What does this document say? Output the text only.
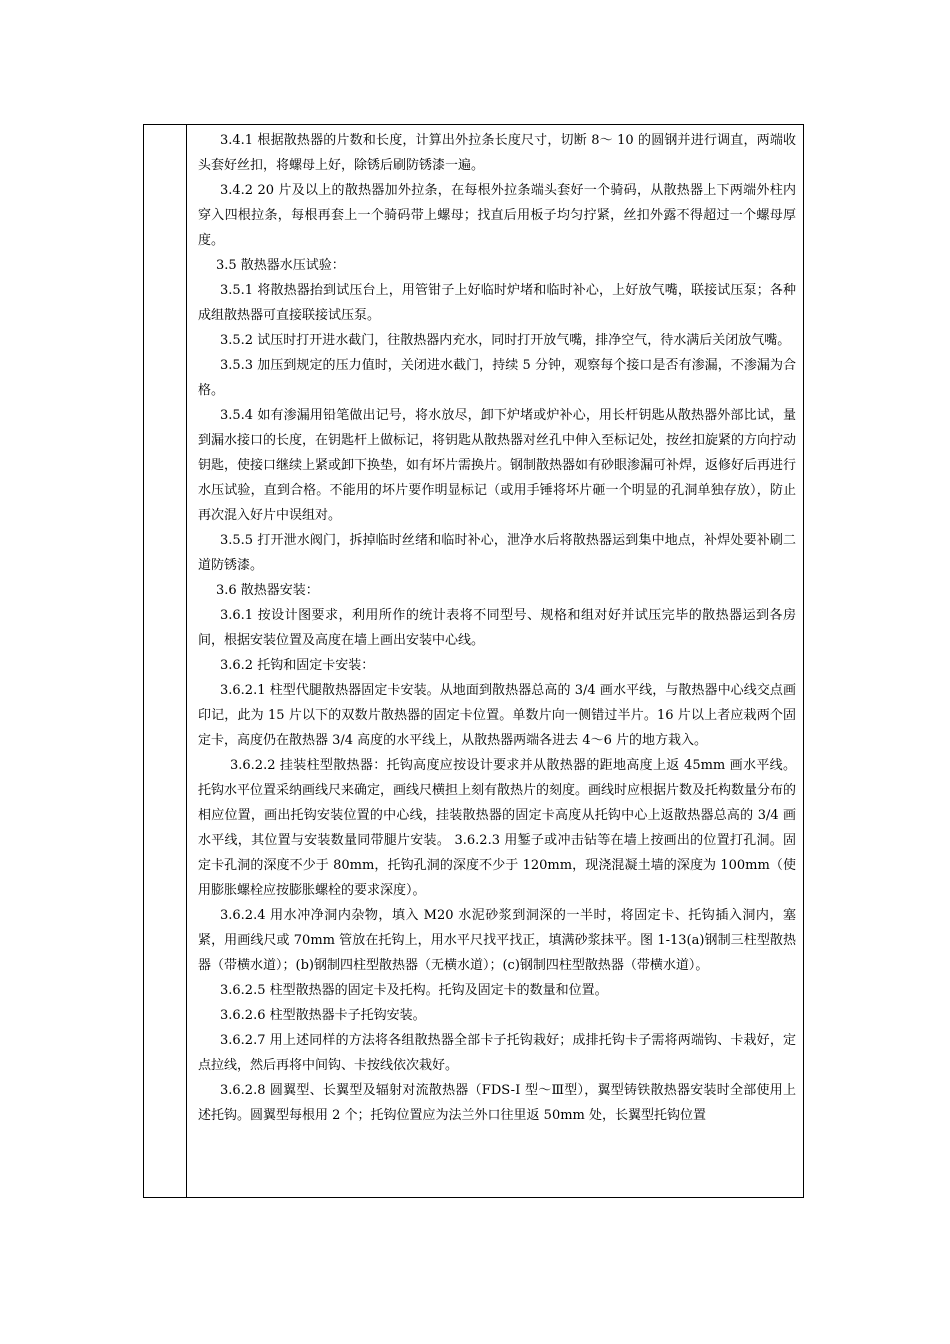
3.4.1 根据散热器的片数和长度，计算出外拉条长度尺寸，切断 8～ 10 的圆钢并进行调直，两端收头套好丝扣，将螺母上好，除锈后刷防锈漆一遍。

3.4.2 20 片及以上的散热器加外拉条，在每根外拉条端头套好一个骑码，从散热器上下两端外柱内穿入四根拉条，每根再套上一个骑码带上螺母；找直后用板子均匀拧紧，丝扣外露不得超过一个螺母厚度。

3.5 散热器水压试验：

3.5.1 将散热器抬到试压台上，用管钳子上好临时炉堵和临时补心，上好放气嘴，联接试压泵；各种成组散热器可直接联接试压泵。

3.5.2 试压时打开进水截门，往散热器内充水，同时打开放气嘴，排净空气，待水满后关闭放气嘴。

3.5.3 加压到规定的压力值时，关闭进水截门，持续 5 分钟，观察每个接口是否有渗漏，不渗漏为合格。

3.5.4 如有渗漏用铅笔做出记号，将水放尽，卸下炉堵或炉补心，用长杆钥匙从散热器外部比试，量到漏水接口的长度，在钥匙杆上做标记，将钥匙从散热器对丝孔中伸入至标记处，按丝扣旋紧的方向拧动钥匙，使接口继续上紧或卸下换垫，如有坏片需换片。钢制散热器如有砂眼渗漏可补焊，返修好后再进行水压试验，直到合格。不能用的坏片要作明显标记（或用手锤将坏片砸一个明显的孔洞单独存放），防止再次混入好片中误组对。

3.5.5 打开泄水阀门，拆掉临时丝绪和临时补心，泄净水后将散热器运到集中地点，补焊处要补刷二道防锈漆。

3.6 散热器安装：

3.6.1 按设计图要求，利用所作的统计表将不同型号、规格和组对好并试压完毕的散热器运到各房间，根据安装位置及高度在墙上画出安装中心线。

3.6.2 托钩和固定卡安装：

3.6.2.1 柱型代腿散热器固定卡安装。从地面到散热器总高的 3/4 画水平线，与散热器中心线交点画印记，此为 15 片以下的双数片散热器的固定卡位置。单数片向一侧错过半片。16 片以上者应栽两个固定卡，高度仍在散热器 3/4 高度的水平线上，从散热器两端各进去 4～6 片的地方栽入。

3.6.2.2 挂装柱型散热器：托钩高度应按设计要求并从散热器的距地高度上返 45mm 画水平线。托钩水平位置采纳画线尺来确定，画线尺横担上刻有散热片的刻度。画线时应根据片数及托构数量分布的相应位置，画出托钩安装位置的中心线，挂装散热器的固定卡高度从托钩中心上返散热器总高的 3/4 画水平线，其位置与安装数量同带腿片安装。 3.6.2.3 用錾子或冲击钻等在墙上按画出的位置打孔洞。固定卡孔洞的深度不少于 80mm，托钩孔洞的深度不少于 120mm，现浇混凝土墙的深度为 100mm（使用膨胀螺栓应按膨胀螺栓的要求深度）。

3.6.2.4 用水冲净洞内杂物，填入 M20 水泥砂浆到洞深的一半时，将固定卡、托钩插入洞内，塞紧，用画线尺或 70mm 管放在托钩上，用水平尺找平找正，填满砂浆抹平。图 1-13(a)钢制三柱型散热器（带横水道）；(b)钢制四柱型散热器（无横水道）；(c)钢制四柱型散热器（带横水道）。

3.6.2.5 柱型散热器的固定卡及托构。托钩及固定卡的数量和位置。

3.6.2.6 柱型散热器卡子托钩安装。

3.6.2.7 用上述同样的方法将各组散热器全部卡子托钩栽好；成排托钩卡子需将两端钩、卡栽好，定点拉线，然后再将中间钩、卡按线依次栽好。

3.6.2.8 圆翼型、长翼型及辐射对流散热器（FDS-Ⅰ 型～Ⅲ型），翼型铸铁散热器安装时全部使用上述托钩。圆翼型每根用 2 个；托钩位置应为法兰外口往里返 50mm 处，长翼型托钩位置
